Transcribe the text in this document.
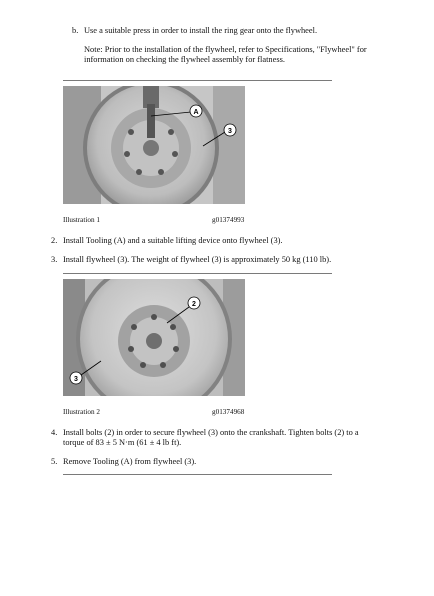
b. Use a suitable press in order to install the ring gear onto the flywheel.
Note: Prior to the installation of the flywheel, refer to Specifications, "Flywheel" for
information on checking the flywheel assembly for flatness.
A
3
Illustration 1	g01374993
2. Install Tooling (A) and a suitable lifting device onto flywheel (3).
3. Install flywheel (3). The weight of flywheel (3) is approximately 50 kg (110 lb).
2
3
Illustration 2	g01374968
4. Install bolts (2) in order to secure flywheel (3) onto the crankshaft. Tighten bolts (2) to a
torque of 83 ± 5 N·m (61 ± 4 lb ft).
5. Remove Tooling (A) from flywheel (3).
